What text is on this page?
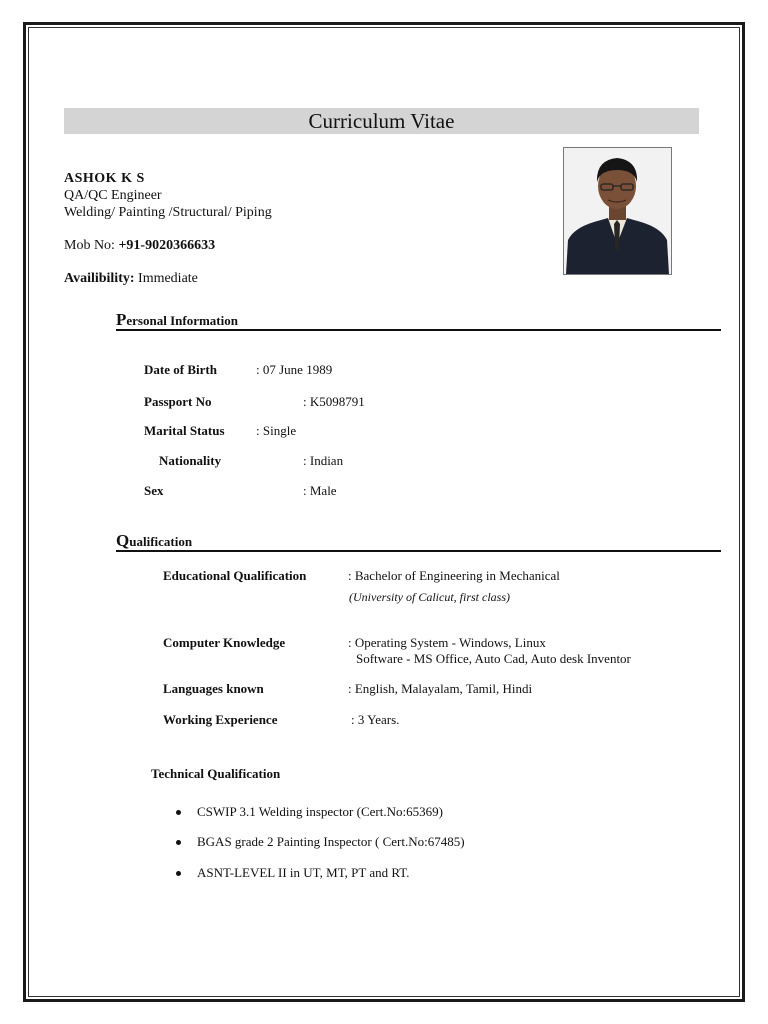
Curriculum Vitae
ASHOK K S
QA/QC Engineer
Welding/ Painting /Structural/ Piping
Mob No: +91-9020366633
Availibility: Immediate
Personal Information
Date of Birth	: 07 June 1989
Passport No	: K5098791
Marital Status : Single
Nationality	: Indian
Sex	: Male
Qualification
Educational Qualification	: Bachelor of Engineering in Mechanical
(University of Calicut, first class)
Computer Knowledge	: Operating System - Windows, Linux
Software - MS Office, Auto Cad, Auto desk Inventor
Languages known	: English, Malayalam, Tamil, Hindi
Working Experience	: 3 Years.
Technical Qualification
CSWIP 3.1 Welding inspector (Cert.No:65369)
BGAS grade 2 Painting Inspector ( Cert.No:67485)
ASNT-LEVEL II in UT, MT, PT and RT.
